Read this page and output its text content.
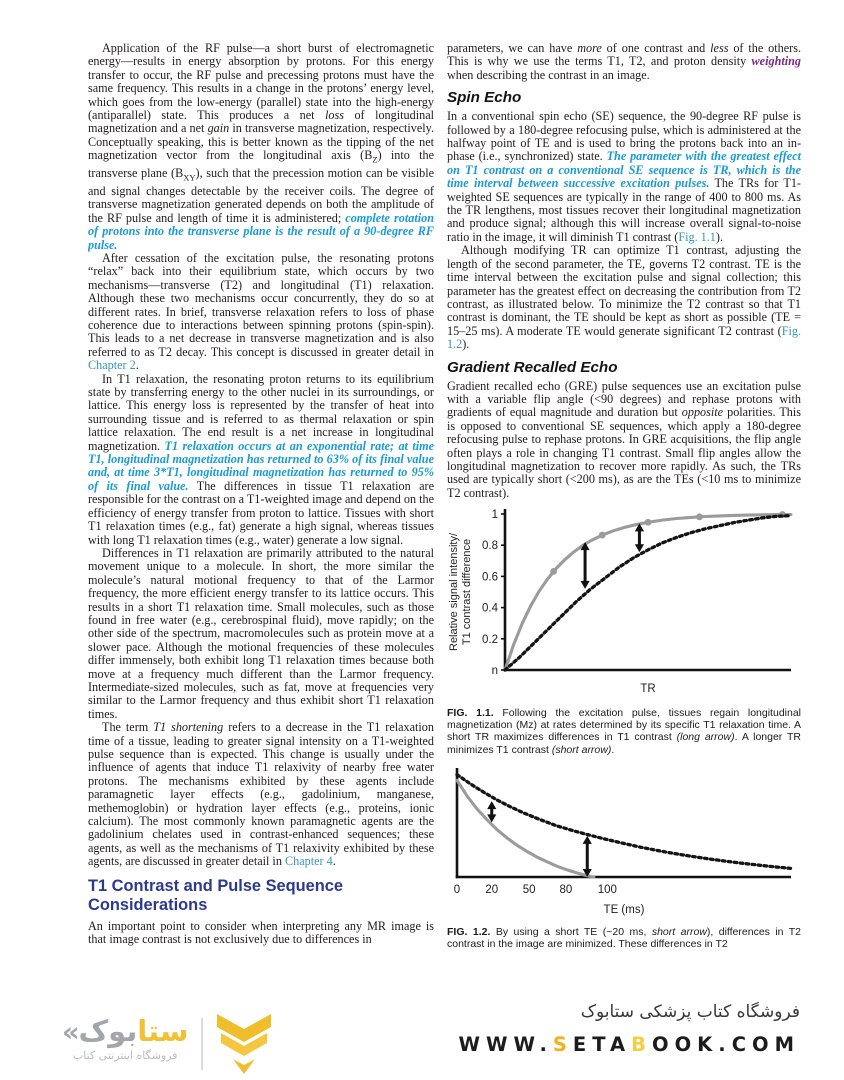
Application of the RF pulse—a short burst of electromagnetic energy—results in energy absorption by protons. For this energy transfer to occur, the RF pulse and precessing protons must have the same frequency. This results in a change in the protons’ energy level, which goes from the low-energy (parallel) state into the high-energy (antiparallel) state. This produces a net loss of longitudinal magnetization and a net gain in transverse magnetization, respectively. Conceptually speaking, this is better known as the tipping of the net magnetization vector from the longitudinal axis $(B_Z)$ into the transverse plane $(B_{XY})$, such that the precession motion can be visible and signal changes detectable by the receiver coils. The degree of transverse magnetization generated depends on both the amplitude of the RF pulse and length of time it is administered; complete rotation of protons into the transverse plane is the result of a 90-degree RF pulse.

After cessation of the excitation pulse, the resonating protons “relax” back into their equilibrium state, which occurs by two mechanisms—transverse (T2) and longitudinal (T1) relaxation. Although these two mechanisms occur concurrently, they do so at different rates. In brief, transverse relaxation refers to loss of phase coherence due to interactions between spinning protons (spin-spin). This leads to a net decrease in transverse magnetization and is also referred to as T2 decay. This concept is discussed in greater detail in Chapter 2.

In T1 relaxation, the resonating proton returns to its equilibrium state by transferring energy to the other nuclei in its surroundings, or lattice. This energy loss is represented by the transfer of heat into surrounding tissue and is referred to as thermal relaxation or spin lattice relaxation. The end result is a net increase in longitudinal magnetization. T1 relaxation occurs at an exponential rate; at time T1, longitudinal magnetization has returned to 63% of its final value and, at time 3*T1, longitudinal magnetization has returned to 95% of its final value. The differences in tissue T1 relaxation are responsible for the contrast on a T1-weighted image and depend on the efficiency of energy transfer from proton to lattice. Tissues with short T1 relaxation times (e.g., fat) generate a high signal, whereas tissues with long T1 relaxation times (e.g., water) generate a low signal.

Differences in T1 relaxation are primarily attributed to the natural movement unique to a molecule. In short, the more similar the molecule’s natural motional frequency to that of the Larmor frequency, the more efficient energy transfer to its lattice occurs. This results in a short T1 relaxation time. Small molecules, such as those found in free water (e.g., cerebrospinal fluid), move rapidly; on the other side of the spectrum, macromolecules such as protein move at a slower pace. Although the motional frequencies of these molecules differ immensely, both exhibit long T1 relaxation times because both move at a frequency much different than the Larmor frequency. Intermediate-sized molecules, such as fat, move at frequencies very similar to the Larmor frequency and thus exhibit short T1 relaxation times.

The term T1 shortening refers to a decrease in the T1 relaxation time of a tissue, leading to greater signal intensity on a T1-weighted pulse sequence than is expected. This change is usually under the influence of agents that induce T1 relaxivity of nearby free water protons. The mechanisms exhibited by these agents include paramagnetic layer effects (e.g., gadolinium, manganese, methemoglobin) or hydration layer effects (e.g., proteins, ionic calcium). The most commonly known paramagnetic agents are the gadolinium chelates used in contrast-enhanced sequences; these agents, as well as the mechanisms of T1 relaxivity exhibited by these agents, are discussed in greater detail in Chapter 4.

T1 Contrast and Pulse Sequence Considerations

An important point to consider when interpreting any MR image is that image contrast is not exclusively due to differences in

parameters, we can have more of one contrast and less of the others. This is why we use the terms T1, T2, and proton density weighting when describing the contrast in an image.

Spin Echo

In a conventional spin echo (SE) sequence, the 90-degree RF pulse is followed by a 180-degree refocusing pulse, which is administered at the halfway point of TE and is used to bring the protons back into an in-phase (i.e., synchronized) state. The parameter with the greatest effect on T1 contrast on a conventional SE sequence is TR, which is the time interval between successive excitation pulses. The TRs for T1-weighted SE sequences are typically in the range of 400 to 800 ms. As the TR lengthens, most tissues recover their longitudinal magnetization and produce signal; although this will increase overall signal-to-noise ratio in the image, it will diminish T1 contrast (Fig. 1.1).

Although modifying TR can optimize T1 contrast, adjusting the length of the second parameter, the TE, governs T2 contrast. TE is the time interval between the excitation pulse and signal collection; this parameter has the greatest effect on decreasing the contribution from T2 contrast, as illustrated below. To minimize the T2 contrast so that T1 contrast is dominant, the TE should be kept as short as possible (TE = 15–25 ms). A moderate TE would generate significant T2 contrast (Fig. 1.2).

Gradient Recalled Echo

Gradient recalled echo (GRE) pulse sequences use an excitation pulse with a variable flip angle (<90 degrees) and rephase protons with gradients of equal magnitude and duration but opposite polarities. This is opposed to conventional SE sequences, which apply a 180-degree refocusing pulse to rephase protons. In GRE acquisitions, the flip angle often plays a role in changing T1 contrast. Small flip angles allow the longitudinal magnetization to recover more rapidly. As such, the TRs used are typically short (<200 ms), as are the TEs (<10 ms to minimize T2 contrast).

n
0.2
0.4
0.6
0.8
1
Relative signal intensity/ T1 contrast difference
TR
FIG. 1.1. Following the excitation pulse, tissues regain longitudinal magnetization (Mz) at rates determined by its specific T1 relaxation time. A short TR maximizes differences in T1 contrast (long arrow). A longer TR minimizes T1 contrast (short arrow).
0 20 50 80 100
TE (ms)
FIG. 1.2. By using a short TE (~20 ms, short arrow), differences in T2 contrast in the image are minimized. These differences in T2
«	ستابوک
فروشگاه اینترنتی کتاب
فروشگاه کتاب پزشکی ستابوک
WWW.SETABOOK.COM
